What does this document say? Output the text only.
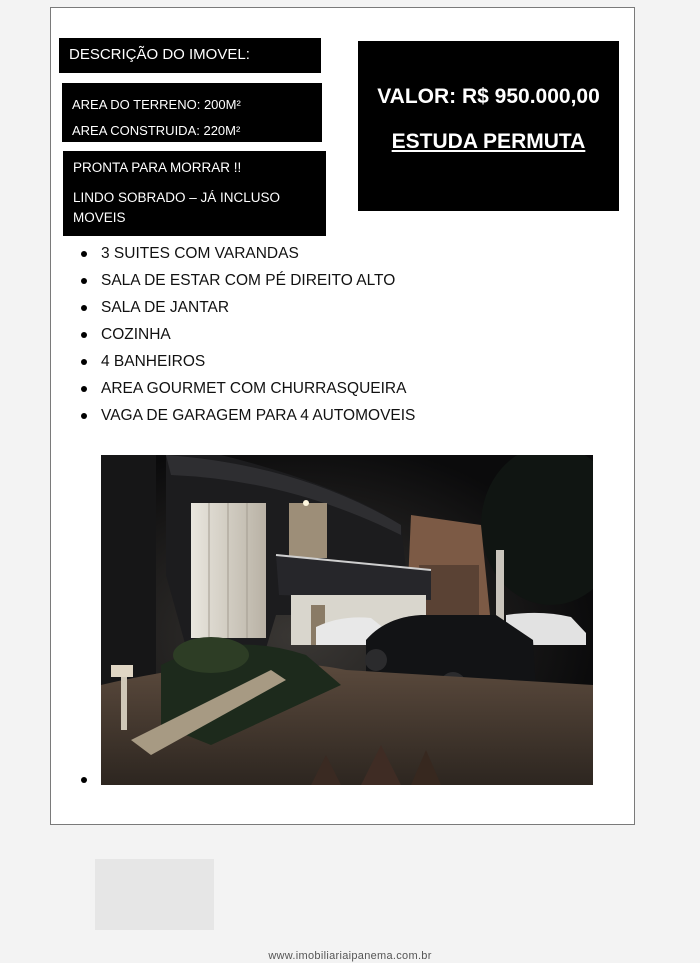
DESCRIÇÃO DO IMOVEL:
AREA DO TERRENO: 200M²
AREA CONSTRUIDA: 220M²

PRONTA PARA MORRAR !!

LINDO SOBRADO – JÁ INCLUSO MOVEIS

VALOR: R$ 950.000,00
ESTUDA PERMUTA
3 SUITES COM VARANDAS
SALA DE ESTAR COM PÉ DIREITO ALTO
SALA DE JANTAR
COZINHA
4 BANHEIROS
AREA GOURMET COM CHURRASQUEIRA
VAGA DE GARAGEM PARA 4 AUTOMOVEIS
www.imobiliariaipanema.com.br
